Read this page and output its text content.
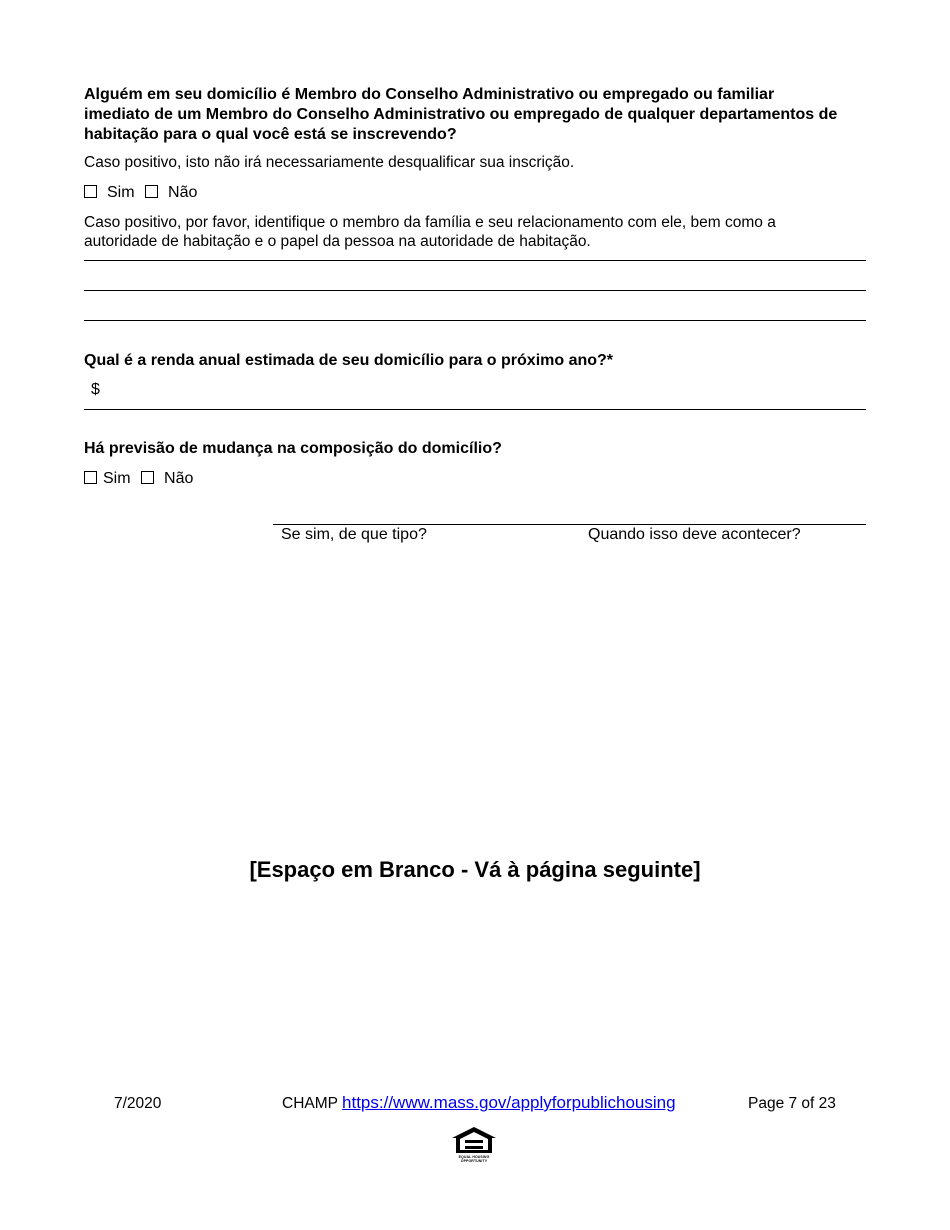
Alguém em seu domicílio é Membro do Conselho Administrativo ou empregado ou familiar imediato de um Membro do Conselho Administrativo ou empregado de qualquer departamentos de habitação para o qual você está se inscrevendo?
Caso positivo, isto não irá necessariamente desqualificar sua inscrição.
Sim Não
Caso positivo, por favor, identifique o membro da família e seu relacionamento com ele, bem como a autoridade de habitação e o papel da pessoa na autoridade de habitação.
Qual é a renda anual estimada de seu domicílio para o próximo ano?*
$
Há previsão de mudança na composição do domicílio?
Sim Não
Se sim, de que tipo?	Quando isso deve acontecer?
[Espaço em Branco - Vá à página seguinte]
7/2020	CHAMP https://www.mass.gov/applyforpublichousing	Page 7 of 23
EQUAL HOUSING OPPORTUNITY
